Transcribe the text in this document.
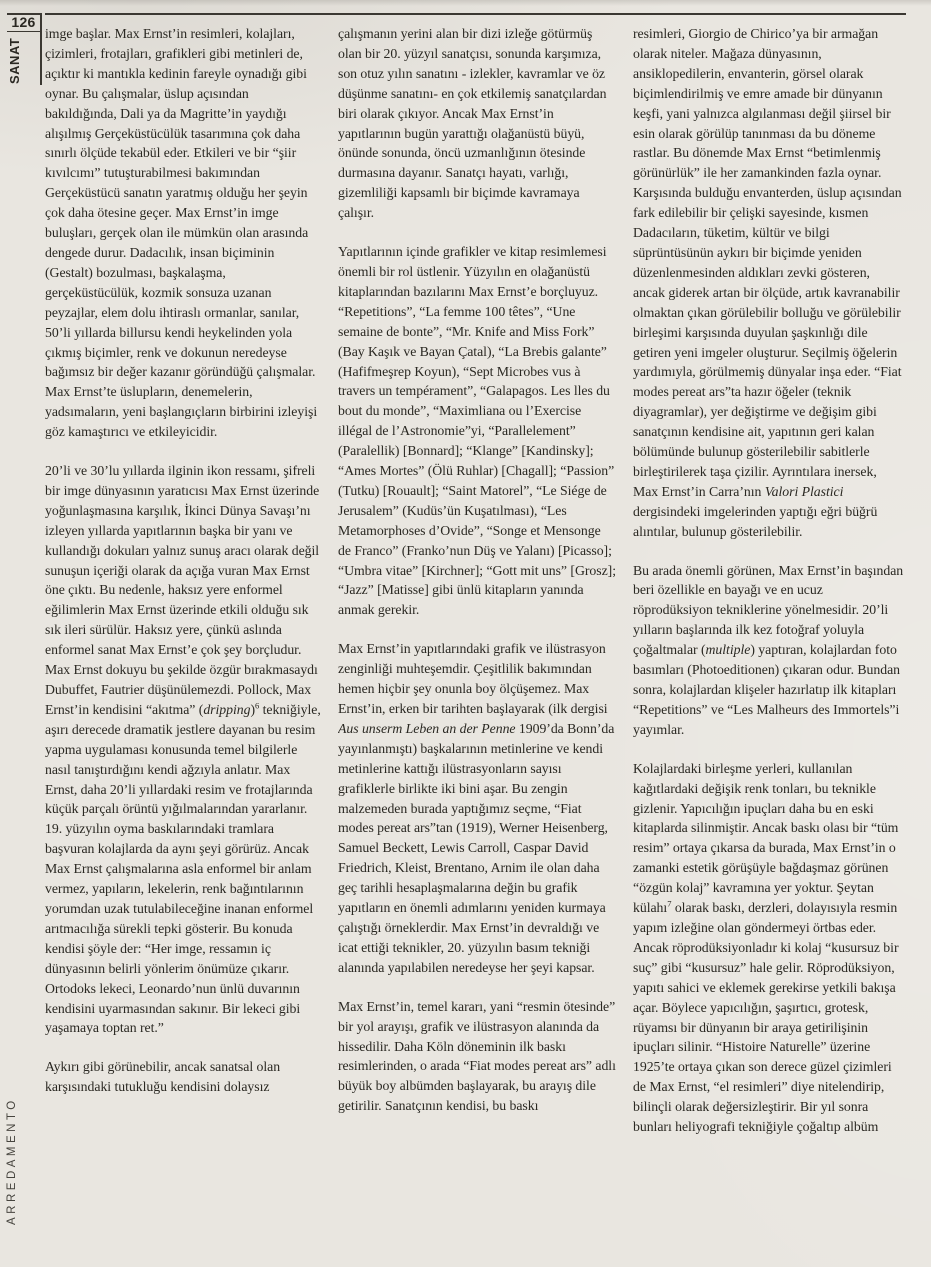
126
SANAT
ARREDAMENTO

imge başlar. Max Ernst’in resimleri, kolajları, çizimleri, frotajları, grafikleri gibi metinleri de, açıktır ki mantıkla kedinin fareyle oynadığı gibi oynar. Bu çalışmalar, üslup açısından bakıldığında, Dali ya da Magritte’in yaydığı alışılmış Gerçeküstücülük tasarımına çok daha sınırlı ölçüde tekabül eder. Etkileri ve bir “şiir kıvılcımı” tutuşturabilmesi bakımından Gerçeküstücü sanatın yaratmış olduğu her şeyin çok daha ötesine geçer. Max Ernst’in imge buluşları, gerçek olan ile mümkün olan arasında dengede durur. Dadacılık, insan biçiminin (Gestalt) bozulması, başkalaşma, gerçeküstücülük, kozmik sonsuza uzanan peyzajlar, elem dolu ihtiraslı ormanlar, sanılar, 50’li yıllarda billursu kendi heykelinden yola çıkmış biçimler, renk ve dokunun neredeyse bağımsız bir değer kazanır göründüğü çalışmalar. Max Ernst’te üslupların, denemelerin, yadsımaların, yeni başlangıçların birbirini izleyişi göz kamaştırıcı ve etkileyicidir.

20’li ve 30’lu yıllarda ilginin ikon ressamı, şifreli bir imge dünyasının yaratıcısı Max Ernst üzerinde yoğunlaşmasına karşılık, İkinci Dünya Savaşı’nı izleyen yıllarda yapıtlarının başka bir yanı ve kullandığı dokuları yalnız sunuş aracı olarak değil sunuşun içeriği olarak da açığa vuran Max Ernst öne çıktı. Bu nedenle, haksız yere enformel eğilimlerin Max Ernst üzerinde etkili olduğu sık sık ileri sürülür. Haksız yere, çünkü aslında enformel sanat Max Ernst’e çok şey borçludur. Max Ernst dokuyu bu şekilde özgür bırakmasaydı Dubuffet, Fautrier düşünülemezdi. Pollock, Max Ernst’in kendisini “akıtma” (dripping)$^6$ tekniğiyle, aşırı derecede dramatik jestlere dayanan bu resim yapma uygulaması konusunda temel bilgilerle nasıl tanıştırdığını kendi ağzıyla anlatır. Max Ernst, daha 20’li yıllardaki resim ve frotajlarında küçük parçalı örüntü yığılmalarından yararlanır. 19. yüzyılın oyma baskılarındaki tramlara başvuran kolajlarda da aynı şeyi görürüz. Ancak Max Ernst çalışmalarına asla enformel bir anlam vermez, yapıların, lekelerin, renk bağıntılarının yorumdan uzak tutulabileceğine inanan enformel arıtmacılığa sürekli tepki gösterir. Bu konuda kendisi şöyle der: “Her imge, ressamın iç dünyasının belirli yönlerim önümüze çıkarır. Ortodoks lekeci, Leonardo’nun ünlü duvarının kendisini uyarmasından sakınır. Bir lekeci gibi yaşamaya toptan ret.”

Aykırı gibi görünebilir, ancak sanatsal olan karşısındaki tutukluğu kendisini dolaysız

çalışmanın yerini alan bir dizi izleğe götürmüş olan bir 20. yüzyıl sanatçısı, sonunda karşımıza, son otuz yılın sanatını - izlekler, kavramlar ve öz düşünme sanatını- en çok etkilemiş sanatçılardan biri olarak çıkıyor. Ancak Max Ernst’in yapıtlarının bugün yarattığı olağanüstü büyü, önünde sonunda, öncü uzmanlığının ötesinde durmasına dayanır. Sanatçı hayatı, varlığı, gizemliliği kapsamlı bir biçimde kavramaya çalışır.

Yapıtlarının içinde grafikler ve kitap resimlemesi önemli bir rol üstlenir. Yüzyılın en olağanüstü kitaplarından bazılarını Max Ernst’e borçluyuz. “Repetitions”, “La femme 100 têtes”, “Une semaine de bonte”, “Mr. Knife and Miss Fork” (Bay Kaşık ve Bayan Çatal), “La Brebis galante” (Hafifmeşrep Koyun), “Sept Microbes vus à travers un tempérament”, “Galapagos. Les lles du bout du monde”, “Maximliana ou l’Exercise illégal de l’Astronomie”yi, “Parallelement” (Paralellik) [Bonnard]; “Klange” [Kandinsky]; “Ames Mortes” (Ölü Ruhlar) [Chagall]; “Passion” (Tutku) [Rouault]; “Saint Matorel”, “Le Siége de Jerusalem” (Kudüs’ün Kuşatılması), “Les Metamorphoses d’Ovide”, “Songe et Mensonge de Franco” (Franko’nun Düş ve Yalanı) [Picasso]; “Umbra vitae” [Kirchner]; “Gott mit uns” [Grosz]; “Jazz” [Matisse] gibi ünlü kitapların yanında anmak gerekir.

Max Ernst’in yapıtlarındaki grafik ve ilüstrasyon zenginliği muhteşemdir. Çeşitlilik bakımından hemen hiçbir şey onunla boy ölçüşemez. Max Ernst’in, erken bir tarihten başlayarak (ilk dergisi Aus unserm Leben an der Penne 1909’da Bonn’da yayınlanmıştı) başkalarının metinlerine ve kendi metinlerine kattığı ilüstrasyonların sayısı grafiklerle birlikte iki bini aşar. Bu zengin malzemeden burada yaptığımız seçme, “Fiat modes pereat ars”tan (1919), Werner Heisenberg, Samuel Beckett, Lewis Carroll, Caspar David Friedrich, Kleist, Brentano, Arnim ile olan daha geç tarihli hesaplaşmalarına değin bu grafik yapıtların en önemli adımlarını yeniden kurmaya çalıştığı örneklerdir. Max Ernst’in devraldığı ve icat ettiği teknikler, 20. yüzyılın basım tekniği alanında yapılabilen neredeyse her şeyi kapsar.

Max Ernst’in, temel kararı, yani “resmin ötesinde” bir yol arayışı, grafik ve ilüstrasyon alanında da hissedilir. Daha Köln döneminin ilk baskı resimlerinden, o arada “Fiat modes pereat ars” adlı büyük boy albümden başlayarak, bu arayış dile getirilir. Sanatçının kendisi, bu baskı

resimleri, Giorgio de Chirico’ya bir armağan olarak niteler. Mağaza dünyasının, ansiklopedilerin, envanterin, görsel olarak biçimlendirilmiş ve emre amade bir dünyanın keşfi, yani yalnızca algılanması değil şiirsel bir esin olarak görülüp tanınması da bu döneme rastlar. Bu dönemde Max Ernst “betimlenmiş görünürlük” ile her zamankinden fazla oynar. Karşısında bulduğu envanterden, üslup açısından fark edilebilir bir çelişki sayesinde, kısmen Dadacıların, tüketim, kültür ve bilgi süprüntüsünün aykırı bir biçimde yeniden düzenlenmesinden aldıkları zevki gösteren, ancak giderek artan bir ölçüde, artık kavranabilir olmaktan çıkan görülebilir bolluğu ve görülebilir birleşimi karşısında duyulan şaşkınlığı dile getiren yeni imgeler oluşturur. Seçilmiş öğelerin yardımıyla, görülmemiş dünyalar inşa eder. “Fiat modes pereat ars”ta hazır öğeler (teknik diyagramlar), yer değiştirme ve değişim gibi sanatçının kendisine ait, yapıtının geri kalan bölümünde bulunup gösterilebilir sabitlerle birleştirilerek taşa çizilir. Ayrıntılara inersek, Max Ernst’in Carra’nın Valori Plastici dergisindeki imgelerinden yaptığı eğri büğrü alıntılar, bulunup gösterilebilir.

Bu arada önemli görünen, Max Ernst’in başından beri özellikle en bayağı ve en ucuz röprodüksiyon tekniklerine yönelmesidir. 20’li yılların başlarında ilk kez fotoğraf yoluyla çoğaltmalar (multiple) yaptıran, kolajlardan foto basımları (Photoeditionen) çıkaran odur. Bundan sonra, kolajlardan klişeler hazırlatıp ilk kitapları “Repetitions” ve “Les Malheurs des Immortels”i yayımlar.

Kolajlardaki birleşme yerleri, kullanılan kağıtlardaki değişik renk tonları, bu teknikle gizlenir. Yapıcılığın ipuçları daha bu en eski kitaplarda silinmiştir. Ancak baskı olası bir “tüm resim” ortaya çıkarsa da burada, Max Ernst’in o zamanki estetik görüşüyle bağdaşmaz görünen “özgün kolaj” kavramına yer yoktur. Şeytan külahı$^7$ olarak baskı, derzleri, dolayısıyla resmin yapım izleğine olan göndermeyi örtbas eder. Ancak röprodüksiyonladır ki kolaj “kusursuz bir suç” gibi “kusursuz” hale gelir. Röprodüksiyon, yapıtı sahici ve eklemek gerekirse yetkili bakışa açar. Böylece yapıcılığın, şaşırtıcı, grotesk, rüyamsı bir dünyanın bir araya getirilişinin ipuçları silinir. “Histoire Naturelle” üzerine 1925’te ortaya çıkan son derece güzel çizimleri de Max Ernst, “el resimleri” diye nitelendirip, bilinçli olarak değersizleştirir. Bir yıl sonra bunları heliyografi tekniğiyle çoğaltıp albüm
